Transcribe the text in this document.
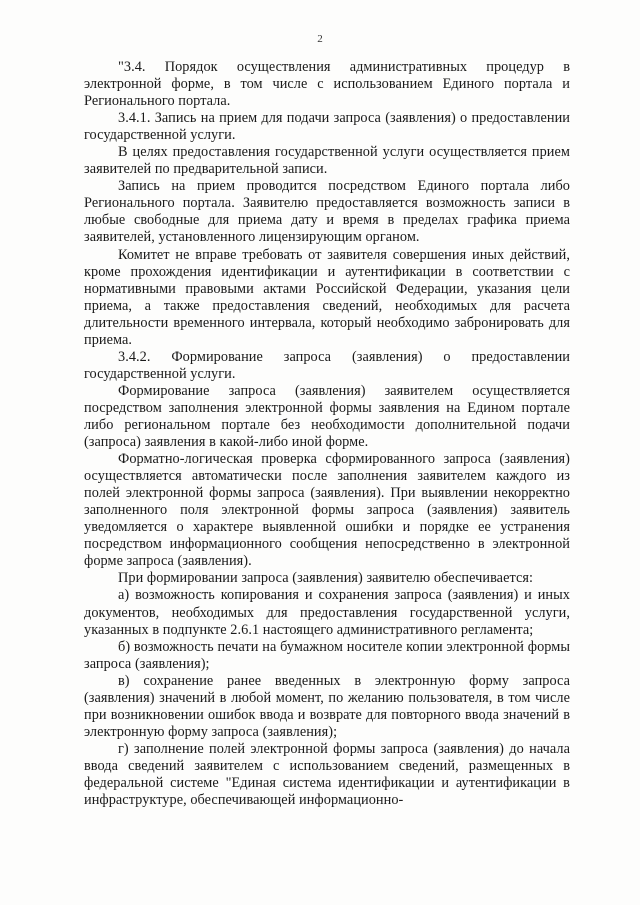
2

"3.4. Порядок осуществления административных процедур в электронной форме, в том числе с использованием Единого портала и Регионального портала.

3.4.1. Запись на прием для подачи запроса (заявления) о предоставлении государственной услуги.

В целях предоставления государственной услуги осуществляется прием заявителей по предварительной записи.

Запись на прием проводится посредством Единого портала либо Регионального портала. Заявителю предоставляется возможность записи в любые свободные для приема дату и время в пределах графика приема заявителей, установленного лицензирующим органом.

Комитет не вправе требовать от заявителя совершения иных действий, кроме прохождения идентификации и аутентификации в соответствии с нормативными правовыми актами Российской Федерации, указания цели приема, а также предоставления сведений, необходимых для расчета длительности временного интервала, который необходимо забронировать для приема.

3.4.2. Формирование запроса (заявления) о предоставлении государственной услуги.

Формирование запроса (заявления) заявителем осуществляется посредством заполнения электронной формы заявления на Едином портале либо региональном портале без необходимости дополнительной подачи (запроса) заявления в какой-либо иной форме.

Форматно-логическая проверка сформированного запроса (заявления) осуществляется автоматически после заполнения заявителем каждого из полей электронной формы запроса (заявления). При выявлении некорректно заполненного поля электронной формы запроса (заявления) заявитель уведомляется о характере выявленной ошибки и порядке ее устранения посредством информационного сообщения непосредственно в электронной форме запроса (заявления).

При формировании запроса (заявления) заявителю обеспечивается:

а) возможность копирования и сохранения запроса (заявления) и иных документов, необходимых для предоставления государственной услуги, указанных в подпункте 2.6.1 настоящего административного регламента;

б) возможность печати на бумажном носителе копии электронной формы запроса (заявления);

в) сохранение ранее введенных в электронную форму запроса (заявления) значений в любой момент, по желанию пользователя, в том числе при возникновении ошибок ввода и возврате для повторного ввода значений в электронную форму запроса (заявления);

г) заполнение полей электронной формы запроса (заявления) до начала ввода сведений заявителем с использованием сведений, размещенных в федеральной системе "Единая система идентификации и аутентификации в инфраструктуре, обеспечивающей информационно-
